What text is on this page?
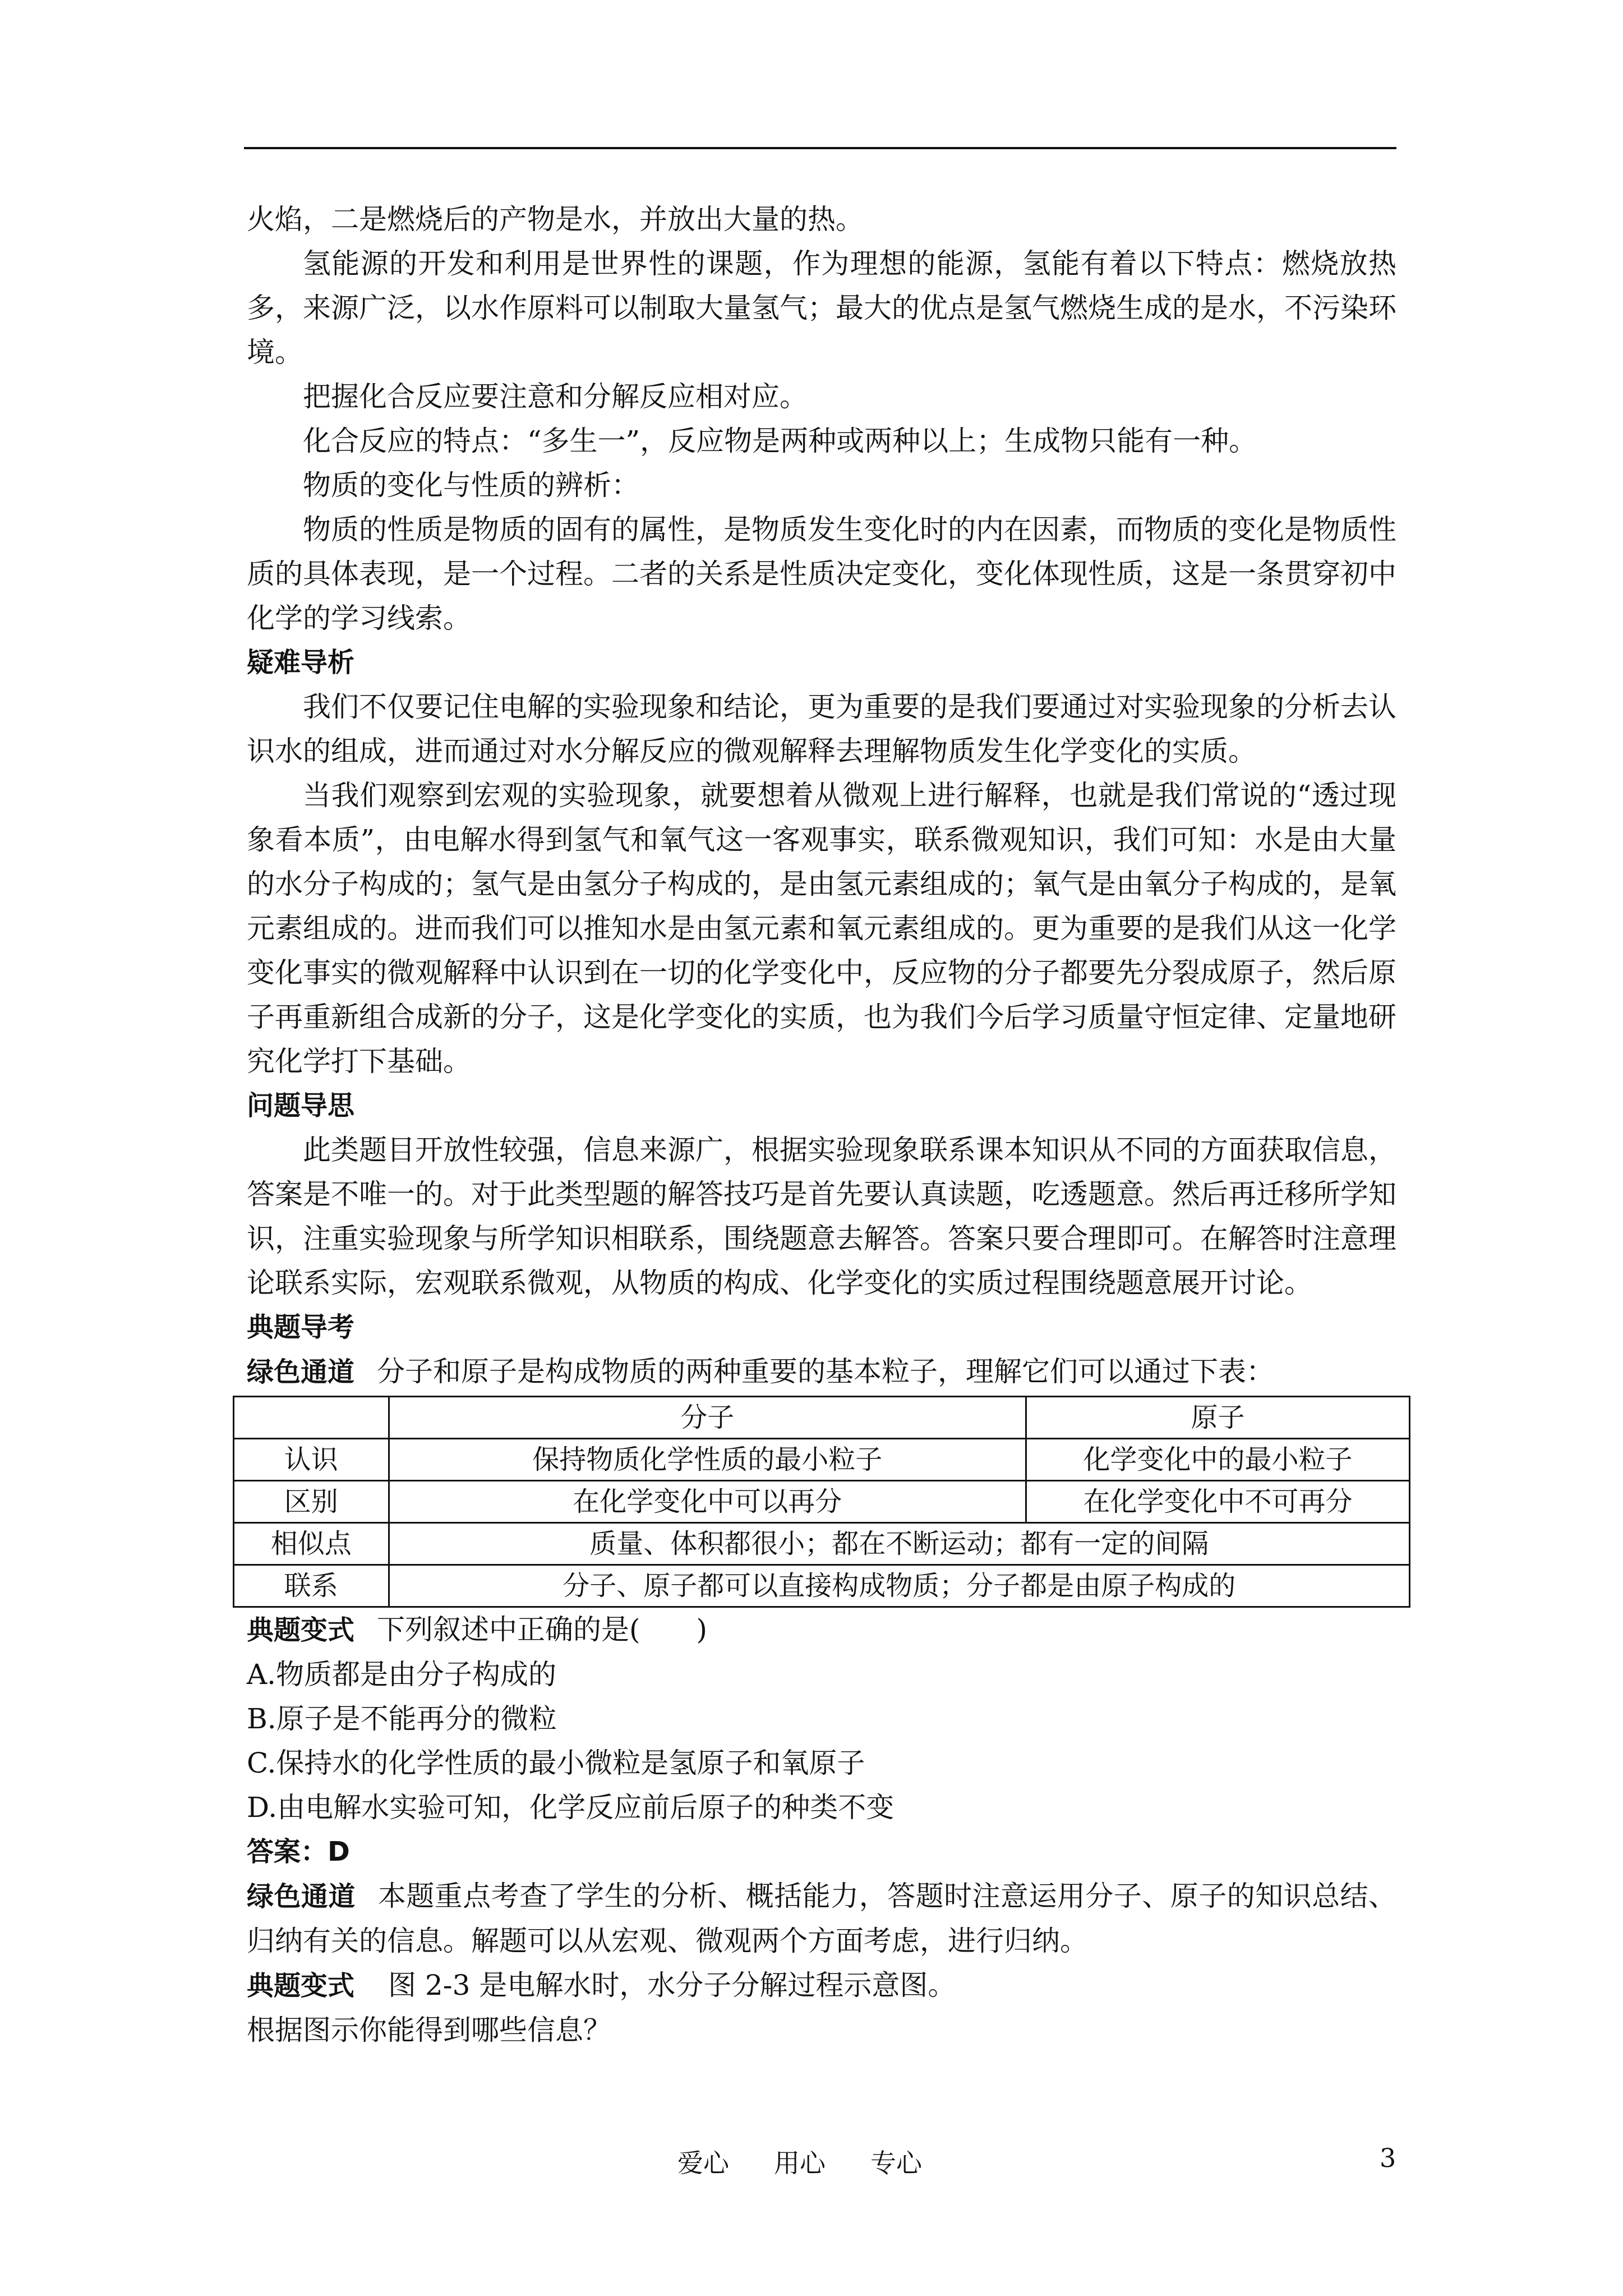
火焰，二是燃烧后的产物是水，并放出大量的热。

氢能源的开发和利用是世界性的课题，作为理想的能源，氢能有着以下特点：燃烧放热多，来源广泛，以水作原料可以制取大量氢气；最大的优点是氢气燃烧生成的是水，不污染环境。

把握化合反应要注意和分解反应相对应。

化合反应的特点：“多生一”，反应物是两种或两种以上；生成物只能有一种。

物质的变化与性质的辨析：

物质的性质是物质的固有的属性，是物质发生变化时的内在因素，而物质的变化是物质性质的具体表现，是一个过程。二者的关系是性质决定变化，变化体现性质，这是一条贯穿初中化学的学习线索。

疑难导析

我们不仅要记住电解的实验现象和结论，更为重要的是我们要通过对实验现象的分析去认识水的组成，进而通过对水分解反应的微观解释去理解物质发生化学变化的实质。

当我们观察到宏观的实验现象，就要想着从微观上进行解释，也就是我们常说的“透过现象看本质”，由电解水得到氢气和氧气这一客观事实，联系微观知识，我们可知：水是由大量的水分子构成的；氢气是由氢分子构成的，是由氢元素组成的；氧气是由氧分子构成的，是氧元素组成的。进而我们可以推知水是由氢元素和氧元素组成的。更为重要的是我们从这一化学变化事实的微观解释中认识到在一切的化学变化中，反应物的分子都要先分裂成原子，然后原子再重新组合成新的分子，这是化学变化的实质，也为我们今后学习质量守恒定律、定量地研究化学打下基础。

问题导思

此类题目开放性较强，信息来源广，根据实验现象联系课本知识从不同的方面获取信息，答案是不唯一的。对于此类型题的解答技巧是首先要认真读题，吃透题意。然后再迁移所学知识，注重实验现象与所学知识相联系，围绕题意去解答。答案只要合理即可。在解答时注意理论联系实际，宏观联系微观，从物质的构成、化学变化的实质过程围绕题意展开讨论。

典题导考

绿色通道 分子和原子是构成物质的两种重要的基本粒子，理解它们可以通过下表：

	分子	原子
认识	保持物质化学性质的最小粒子	化学变化中的最小粒子
区别	在化学变化中可以再分	在化学变化中不可再分
相似点	质量、体积都很小；都在不断运动；都有一定的间隔	
联系	分子、原子都可以直接构成物质；分子都是由原子构成的	

典题变式 下列叙述中正确的是(　　)

A.物质都是由分子构成的

B.原子是不能再分的微粒

C.保持水的化学性质的最小微粒是氢原子和氧原子

D.由电解水实验可知，化学反应前后原子的种类不变

答案：D

绿色通道 本题重点考查了学生的分析、概括能力，答题时注意运用分子、原子的知识总结、归纳有关的信息。解题可以从宏观、微观两个方面考虑，进行归纳。

典题变式 图 2-3 是电解水时，水分子分解过程示意图。

根据图示你能得到哪些信息？

爱心 用心 专心	3
